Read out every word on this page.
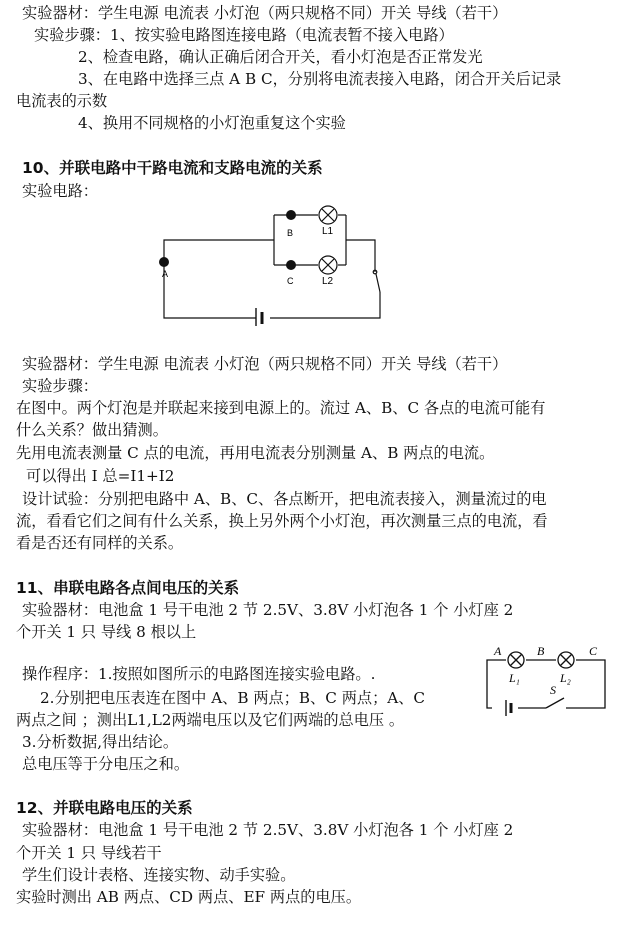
实验器材：学生电源 电流表 小灯泡（两只规格不同）开关 导线（若干）
实验步骤：1、按实验电路图连接电路（电流表暂不接入电路）
2、检查电路，确认正确后闭合开关，看小灯泡是否正常发光
3、在电路中选择三点 A B C，分别将电流表接入电路，闭合开关后记录
电流表的示数
4、换用不同规格的小灯泡重复这个实验
10、并联电路中干路电流和支路电流的关系
实验电路：
A
B
C
L1
L2
实验器材：学生电源 电流表 小灯泡（两只规格不同）开关 导线（若干）
实验步骤：
在图中。两个灯泡是并联起来接到电源上的。流过 A、B、C 各点的电流可能有
什么关系？做出猜测。
先用电流表测量 C 点的电流，再用电流表分别测量 A、B 两点的电流。
可以得出 I 总=I1+I2
设计试验：分别把电路中 A、B、C、各点断开，把电流表接入，测量流过的电
流，看看它们之间有什么关系，换上另外两个小灯泡，再次测量三点的电流，看
看是否还有同样的关系。
11、串联电路各点间电压的关系
实验器材：电池盒 1 号干电池 2 节 2.5V、3.8V 小灯泡各 1 个 小灯座 2
个开关 1 只 导线 8 根以上
A	B	C
L₁	L₂
S
操作程序：1.按照如图所示的电路图连接实验电路。.
2.分别把电压表连在图中 A、B 两点；B、C 两点；A、C
两点之间 ；测出L1,L2两端电压以及它们两端的总电压 。
3.分析数据,得出结论。
总电压等于分电压之和。
12、并联电路电压的关系
实验器材：电池盒 1 号干电池 2 节 2.5V、3.8V 小灯泡各 1 个 小灯座 2
个开关 1 只 导线若干
学生们设计表格、连接实物、动手实验。
实验时测出 AB 两点、CD 两点、EF 两点的电压。
